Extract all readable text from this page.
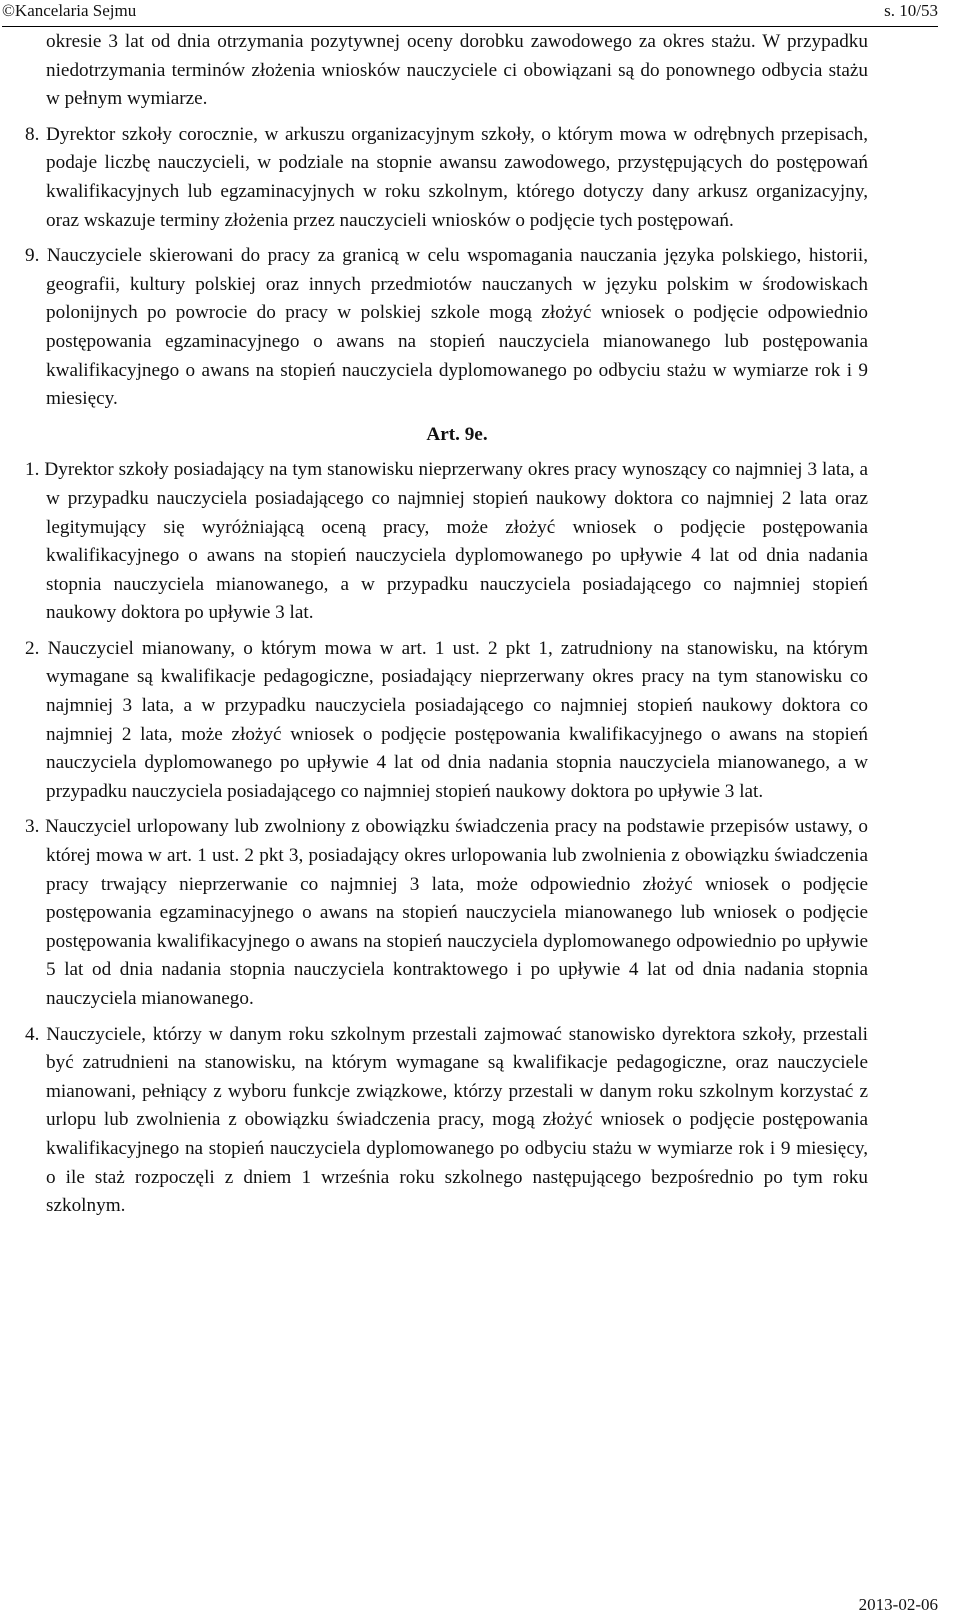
©Kancelaria Sejmu	s. 10/53

okresie 3 lat od dnia otrzymania pozytywnej oceny dorobku zawodowego za okres stażu. W przypadku niedotrzymania terminów złożenia wniosków nauczyciele ci obowiązani są do ponownego odbycia stażu w pełnym wymiarze.

8. Dyrektor szkoły corocznie, w arkuszu organizacyjnym szkoły, o którym mowa w odrębnych przepisach, podaje liczbę nauczycieli, w podziale na stopnie awansu zawodowego, przystępujących do postępowań kwalifikacyjnych lub egzaminacyjnych w roku szkolnym, którego dotyczy dany arkusz organizacyjny, oraz wskazuje terminy złożenia przez nauczycieli wniosków o podjęcie tych postępowań.

9. Nauczyciele skierowani do pracy za granicą w celu wspomagania nauczania języka polskiego, historii, geografii, kultury polskiej oraz innych przedmiotów nauczanych w języku polskim w środowiskach polonijnych po powrocie do pracy w polskiej szkole mogą złożyć wniosek o podjęcie odpowiednio postępowania egzaminacyjnego o awans na stopień nauczyciela mianowanego lub postępowania kwalifikacyjnego o awans na stopień nauczyciela dyplomowanego po odbyciu stażu w wymiarze rok i 9 miesięcy.

Art. 9e.

1. Dyrektor szkoły posiadający na tym stanowisku nieprzerwany okres pracy wynoszący co najmniej 3 lata, a w przypadku nauczyciela posiadającego co najmniej stopień naukowy doktora co najmniej 2 lata oraz legitymujący się wyróżniającą oceną pracy, może złożyć wniosek o podjęcie postępowania kwalifikacyjnego o awans na stopień nauczyciela dyplomowanego po upływie 4 lat od dnia nadania stopnia nauczyciela mianowanego, a w przypadku nauczyciela posiadającego co najmniej stopień naukowy doktora po upływie 3 lat.

2. Nauczyciel mianowany, o którym mowa w art. 1 ust. 2 pkt 1, zatrudniony na stanowisku, na którym wymagane są kwalifikacje pedagogiczne, posiadający nieprzerwany okres pracy na tym stanowisku co najmniej 3 lata, a w przypadku nauczyciela posiadającego co najmniej stopień naukowy doktora co najmniej 2 lata, może złożyć wniosek o podjęcie postępowania kwalifikacyjnego o awans na stopień nauczyciela dyplomowanego po upływie 4 lat od dnia nadania stopnia nauczyciela mianowanego, a w przypadku nauczyciela posiadającego co najmniej stopień naukowy doktora po upływie 3 lat.

3. Nauczyciel urlopowany lub zwolniony z obowiązku świadczenia pracy na podstawie przepisów ustawy, o której mowa w art. 1 ust. 2 pkt 3, posiadający okres urlopowania lub zwolnienia z obowiązku świadczenia pracy trwający nieprzerwanie co najmniej 3 lata, może odpowiednio złożyć wniosek o podjęcie postępowania egzaminacyjnego o awans na stopień nauczyciela mianowanego lub wniosek o podjęcie postępowania kwalifikacyjnego o awans na stopień nauczyciela dyplomowanego odpowiednio po upływie 5 lat od dnia nadania stopnia nauczyciela kontraktowego i po upływie 4 lat od dnia nadania stopnia nauczyciela mianowanego.

4. Nauczyciele, którzy w danym roku szkolnym przestali zajmować stanowisko dyrektora szkoły, przestali być zatrudnieni na stanowisku, na którym wymagane są kwalifikacje pedagogiczne, oraz nauczyciele mianowani, pełniący z wyboru funkcje związkowe, którzy przestali w danym roku szkolnym korzystać z urlopu lub zwolnienia z obowiązku świadczenia pracy, mogą złożyć wniosek o podjęcie postępowania kwalifikacyjnego na stopień nauczyciela dyplomowanego po odbyciu stażu w wymiarze rok i 9 miesięcy, o ile staż rozpoczęli z dniem 1 września roku szkolnego następującego bezpośrednio po tym roku szkolnym.

2013-02-06
